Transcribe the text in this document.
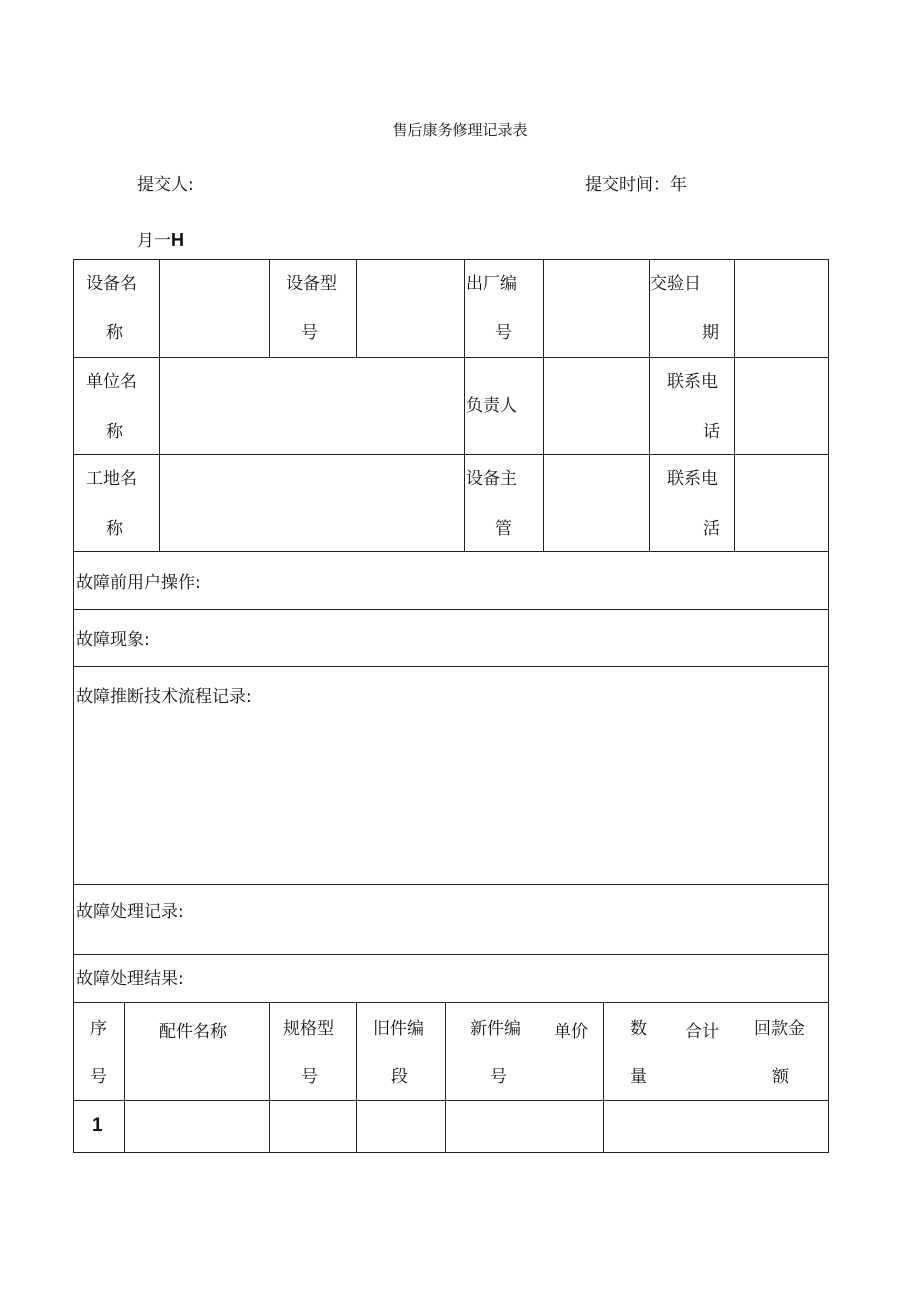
售后康务修理记录表
提交人:	提交时间：年
月一H
设备名
称
设备型
号
出厂编
号
交验日
期
单位名
称
负责人
联系电
话
工地名
称
设备主
管
联系电
活
故障前用户操作:
故障现象:
故障推断技术流程记录:
故障处理记录:
故障处理结果:
序
号
配件名称	规格型
号
旧件编
段
新件编
号
单价 数
量
合计 回款金
额
1
